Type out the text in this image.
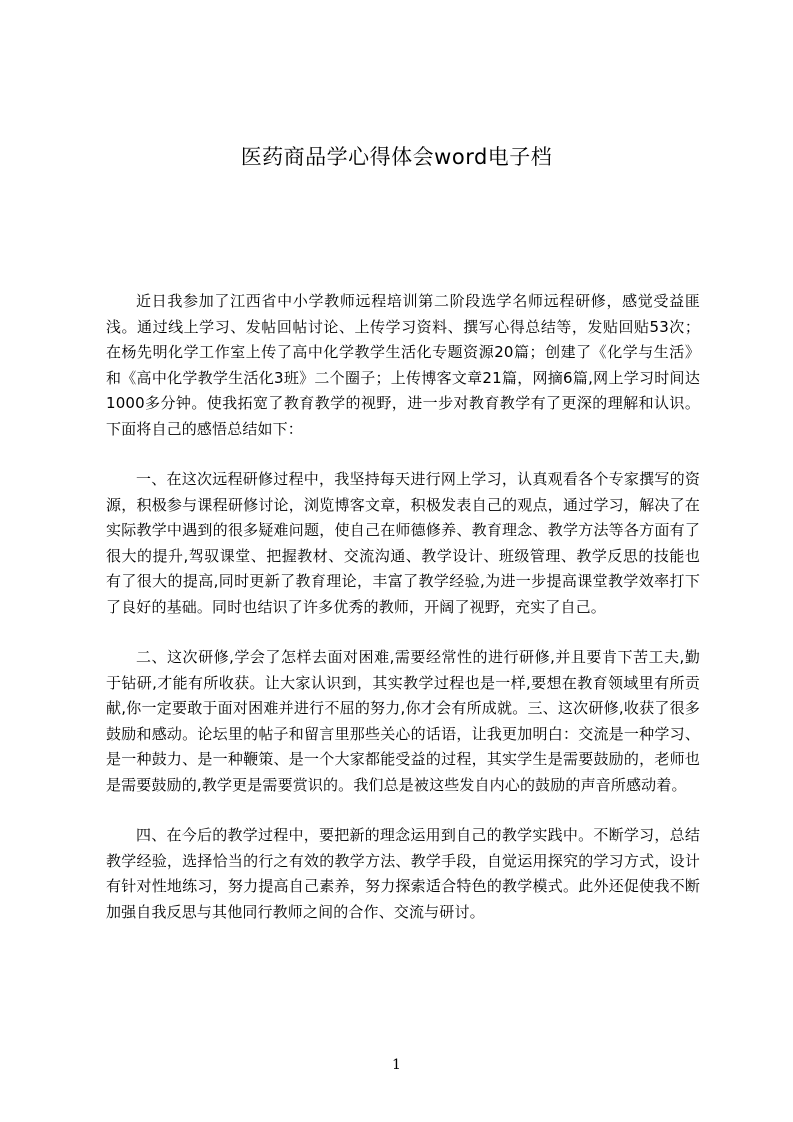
医药商品学心得体会word电子档

近日我参加了江西省中小学教师远程培训第二阶段选学名师远程研修，感觉受益匪浅。通过线上学习、发帖回帖讨论、上传学习资料、撰写心得总结等，发贴回贴53次；在杨先明化学工作室上传了高中化学教学生活化专题资源20篇；创建了《化学与生活》和《高中化学教学生活化3班》二个圈子；上传博客文章21篇，网摘6篇,网上学习时间达1000多分钟。使我拓宽了教育教学的视野，进一步对教育教学有了更深的理解和认识。下面将自己的感悟总结如下：

一、在这次远程研修过程中，我坚持每天进行网上学习，认真观看各个专家撰写的资源，积极参与课程研修讨论，浏览博客文章，积极发表自己的观点，通过学习，解决了在实际教学中遇到的很多疑难问题，使自己在师德修养、教育理念、教学方法等各方面有了很大的提升,驾驭课堂、把握教材、交流沟通、教学设计、班级管理、教学反思的技能也有了很大的提高,同时更新了教育理论，丰富了教学经验,为进一步提高课堂教学效率打下了良好的基础。同时也结识了许多优秀的教师，开阔了视野，充实了自己。

二、这次研修,学会了怎样去面对困难,需要经常性的进行研修,并且要肯下苦工夫,勤于钻研,才能有所收获。让大家认识到，其实教学过程也是一样,要想在教育领域里有所贡献,你一定要敢于面对困难并进行不屈的努力,你才会有所成就。三、这次研修,收获了很多鼓励和感动。论坛里的帖子和留言里那些关心的话语，让我更加明白：交流是一种学习、是一种鼓力、是一种鞭策、是一个大家都能受益的过程，其实学生是需要鼓励的，老师也是需要鼓励的,教学更是需要赏识的。我们总是被这些发自内心的鼓励的声音所感动着。

四、在今后的教学过程中，要把新的理念运用到自己的教学实践中。不断学习，总结教学经验，选择恰当的行之有效的教学方法、教学手段，自觉运用探究的学习方式，设计有针对性地练习，努力提高自己素养，努力探索适合特色的教学模式。此外还促使我不断加强自我反思与其他同行教师之间的合作、交流与研讨。

1
